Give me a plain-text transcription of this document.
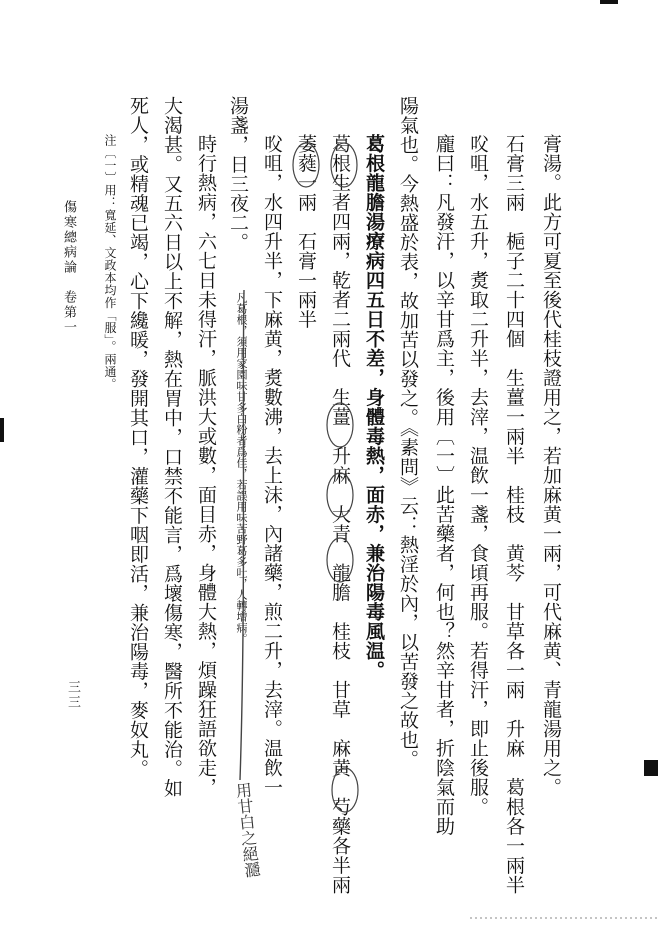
膏湯。此方可夏至後代桂枝證用之，若加麻黄一兩，可代麻黄、青龍湯用之。
石膏三兩　梔子二十四個　生薑一兩半　桂枝　黄芩　甘草各一兩　升麻　葛根各一兩半
㕮咀，水五升，煑取二升半，去滓，温飲一盞，食頃再服。若得汗，即止後服。
龐曰：凡發汗，以辛甘爲主，後用〔一〕此苦藥者，何也？然辛甘者，折陰氣而助
陽氣也。今熱盛於表，故加苦以發之。《素問》云：熱淫於內，以苦發之故也。
葛根龍膽湯療病四五日不差，身體毒熱，面赤，兼治陽毒風温。
葛根生者四兩，乾者二兩代　生薑　升麻　大青　龍膽　桂枝　甘草　麻黄　芍藥各半兩
萎蕤一兩　石膏一兩半
㕮咀，水四升半，下麻黄，煑數沸，去上沫，內諸藥，煎二升，去滓。温飲一
湯盞，日三夜二。
凡葛根，須用家園味甘多白粉者爲佳，若誤用味苦野葛多吐，人轉增病。
時行熱病，六七日未得汗，脈洪大或數，面目赤，身體大熱，煩躁狂語欲走，
大渴甚。又五六日以上不解，熱在胃中，口禁不能言，爲壞傷寒，醫所不能治。如
死人，或精魂已竭，心下纔暖，發開其口，灌藥下咽即活，兼治陽毒，麥奴丸。
注〔一〕用：寬延、文政本均作「服」。兩通。
傷寒總病論　卷第一
三三
用甘白之絕㶏
